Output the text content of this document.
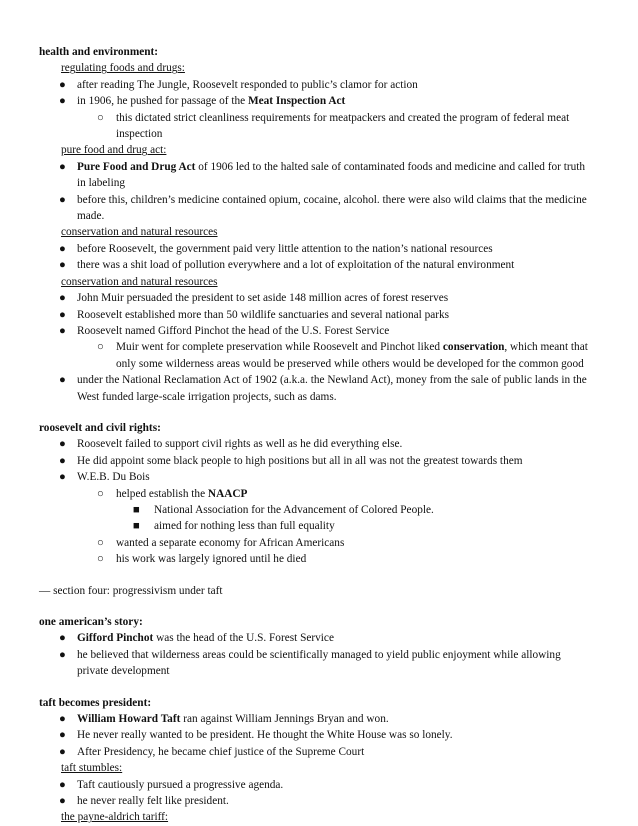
health and environment:
regulating foods and drugs:
● after reading The Jungle, Roosevelt responded to public’s clamor for action
● in 1906, he pushed for passage of the Meat Inspection Act
○ this dictated strict cleanliness requirements for meatpackers and created the program of federal meat
inspection
pure food and drug act:
● Pure Food and Drug Act of 1906 led to the halted sale of contaminated foods and medicine and called for truth
in labeling
● before this, children’s medicine contained opium, cocaine, alcohol. there were also wild claims that the medicine
made.
conservation and natural resources
● before Roosevelt, the government paid very little attention to the nation’s national resources
● there was a shit load of pollution everywhere and a lot of exploitation of the natural environment
conservation and natural resources
● John Muir persuaded the president to set aside 148 million acres of forest reserves
● Roosevelt established more than 50 wildlife sanctuaries and several national parks
● Roosevelt named Gifford Pinchot the head of the U.S. Forest Service
○ Muir went for complete preservation while Roosevelt and Pinchot liked conservation, which meant that
only some wilderness areas would be preserved while others would be developed for the common good
● under the National Reclamation Act of 1902 (a.k.a. the Newland Act), money from the sale of public lands in the
West funded large-scale irrigation projects, such as dams.
roosevelt and civil rights:
● Roosevelt failed to support civil rights as well as he did everything else.
● He did appoint some black people to high positions but all in all was not the greatest towards them
● W.E.B. Du Bois
○ helped establish the NAACP
■ National Association for the Advancement of Colored People.
■ aimed for nothing less than full equality
○ wanted a separate economy for African Americans
○ his work was largely ignored until he died
— section four: progressivism under taft
one american’s story:
● Gifford Pinchot was the head of the U.S. Forest Service
● he believed that wilderness areas could be scientifically managed to yield public enjoyment while allowing
private development
taft becomes president:
● William Howard Taft ran against William Jennings Bryan and won.
● He never really wanted to be president. He thought the White House was so lonely.
● After Presidency, he became chief justice of the Supreme Court
taft stumbles:
● Taft cautiously pursued a progressive agenda.
● he never really felt like president.
the payne-aldrich tariff:
